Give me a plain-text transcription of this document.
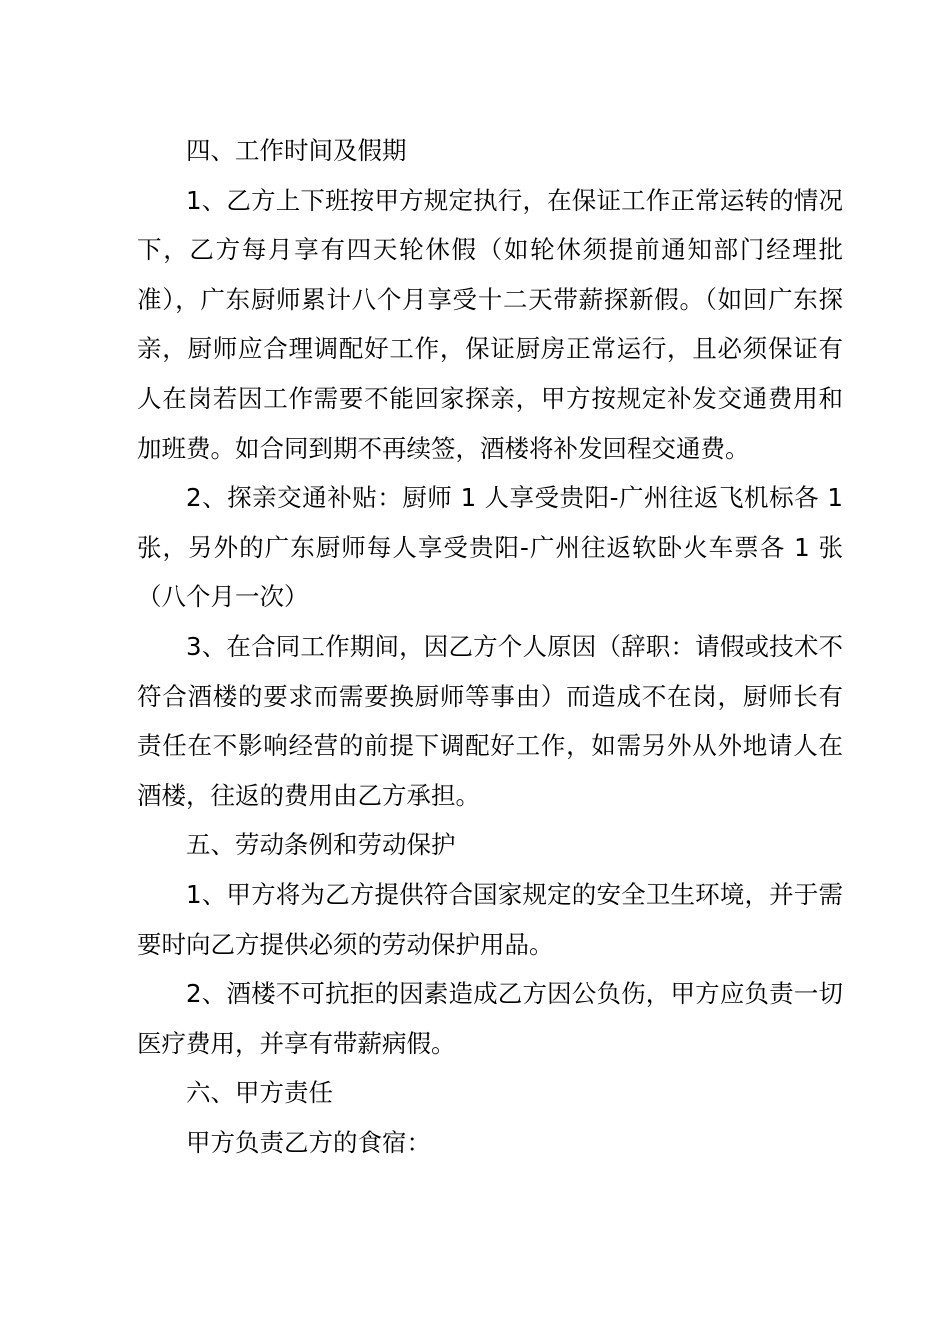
四、工作时间及假期

1、乙方上下班按甲方规定执行，在保证工作正常运转的情况下，乙方每月享有四天轮休假（如轮休须提前通知部门经理批准），广东厨师累计八个月享受十二天带薪探新假。（如回广东探亲，厨师应合理调配好工作，保证厨房正常运行，且必须保证有人在岗若因工作需要不能回家探亲，甲方按规定补发交通费用和加班费。如合同到期不再续签，酒楼将补发回程交通费。

2、探亲交通补贴：厨师 1 人享受贵阳-广州往返飞机标各 1 张，另外的广东厨师每人享受贵阳-广州往返软卧火车票各 1 张（八个月一次）

3、在合同工作期间，因乙方个人原因（辞职：请假或技术不符合酒楼的要求而需要换厨师等事由）而造成不在岗，厨师长有责任在不影响经营的前提下调配好工作，如需另外从外地请人在酒楼，往返的费用由乙方承担。

五、劳动条例和劳动保护

1、甲方将为乙方提供符合国家规定的安全卫生环境，并于需要时向乙方提供必须的劳动保护用品。

2、酒楼不可抗拒的因素造成乙方因公负伤，甲方应负责一切医疗费用，并享有带薪病假。

六、甲方责任

甲方负责乙方的食宿：
